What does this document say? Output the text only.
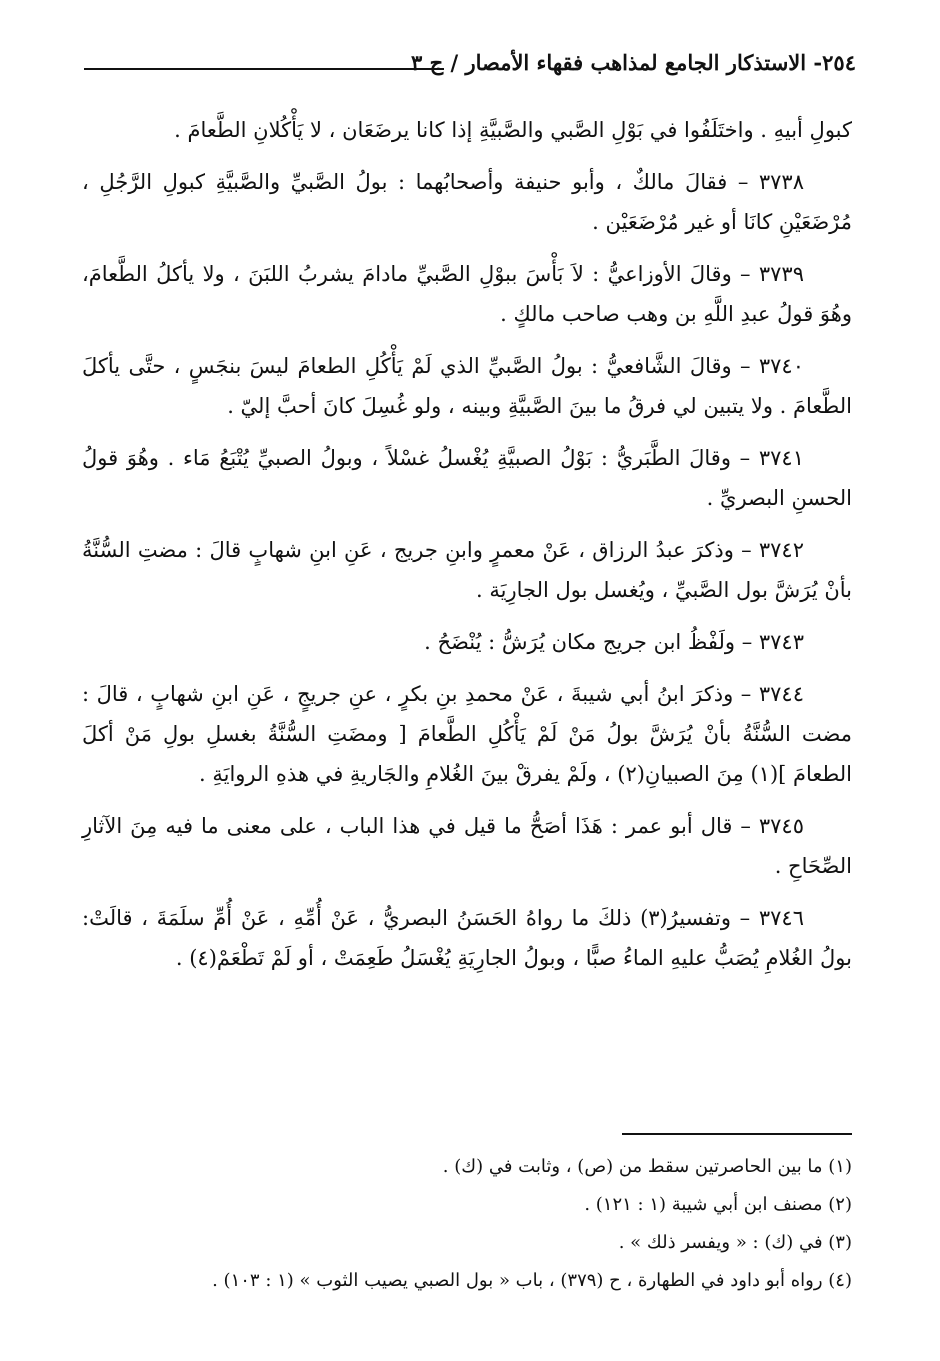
٢٥٤- الاستذكار الجامع لمذاهب فقهاء الأمصار / ج ٣

كبولِ أبيهِ . واختَلَفُوا في بَوْلِ الصَّبي والصَّبيَّةِ إذا كانا يرضَعَان ، لا يَأْكُلانِ الطَّعامَ .

٣٧٣٨ – فقالَ مالكٌ ، وأبو حنيفة وأصحابُهما : بولُ الصَّبيِّ والصَّبيَّةِ كبولِ الرَّجُلِ ، مُرْضَعَيْنِ كانَا أو غير مُرْضَعَيْن .

٣٧٣٩ – وقالَ الأوزاعيُّ : لاَ بَأْسَ ببوْلِ الصَّبيِّ مادامَ يشربُ اللبَنَ ، ولا يأكلُ الطَّعامَ، وهُوَ قولُ عبدِ اللَّهِ بن وهب صاحب مالكٍ .

٣٧٤٠ – وقالَ الشَّافعيُّ : بولُ الصَّبيِّ الذي لَمْ يَأْكُلِ الطعامَ ليسَ بنجَسٍ ، حتَّى يأكلَ الطَّعامَ . ولا يتبين لي فرقُ ما بينَ الصَّبيَّةِ وبينه ، ولو غُسِلَ كانَ أحبَّ إليّ .

٣٧٤١ – وقالَ الطَّبَريُّ : بَوْلُ الصبيَّةِ يُغْسلُ غسْلاً ، وبولُ الصبيِّ يُتْبَعُ مَاء . وهُوَ قولُ الحسنِ البصريِّ .

٣٧٤٢ – وذكرَ عبدُ الرزاق ، عَنْ معمرٍ وابنِ جريج ، عَنِ ابنِ شهابٍ قالَ : مضتِ السُّنَّةُ بأنْ يُرَشَّ بول الصَّبيِّ ، ويُغسل بول الجارِيَة .

٣٧٤٣ – ولَفْظُ ابن جريج مكان يُرَشُّ : يُنْضَحُ .

٣٧٤٤ – وذكرَ ابنُ أبي شيبةَ ، عَنْ محمدِ بنِ بكرٍ ، عنِ جريجٍ ، عَنِ ابنِ شهابٍ ، قالَ : مضت السُّنَّةُ بأنْ يُرَشَّ بولُ مَنْ لَمْ يَأْكُلِ الطَّعامَ [ ومضَتِ السُّنَّةُ بغسلِ بولِ مَنْ أكلَ الطعامَ ](١) مِنَ الصبيانِ(٢) ، ولَمْ يفرقْ بينَ الغُلامِ والجَاريةِ في هذهِ الروايَةِ .

٣٧٤٥ – قال أبو عمر : هَذَا أصَحُّ ما قيل في هذا الباب ، على معنى ما فيه مِنَ الآثارِ الصِّحَاحِ .

٣٧٤٦ – وتفسيرُ(٣) ذلكَ ما رواهُ الحَسَنُ البصريُّ ، عَنْ أُمِّهِ ، عَنْ أُمِّ سلَمَةَ ، قالَتْ: بولُ الغُلامِ يُصَبُّ عليهِ الماءُ صبًّا ، وبولُ الجارِيَةِ يُغْسَلُ طَعِمَتْ ، أو لَمْ تَطْعَمْ(٤) .

(١) ما بين الحاصرتين سقط من (ص) ، وثابت في (ك) .

(٢) مصنف ابن أبي شيبة (١ : ١٢١) .

(٣) في (ك) : « ويفسر ذلك » .

(٤) رواه أبو داود في الطهارة ، ح (٣٧٩) ، باب « بول الصبي يصيب الثوب » (١ : ١٠٣) .
